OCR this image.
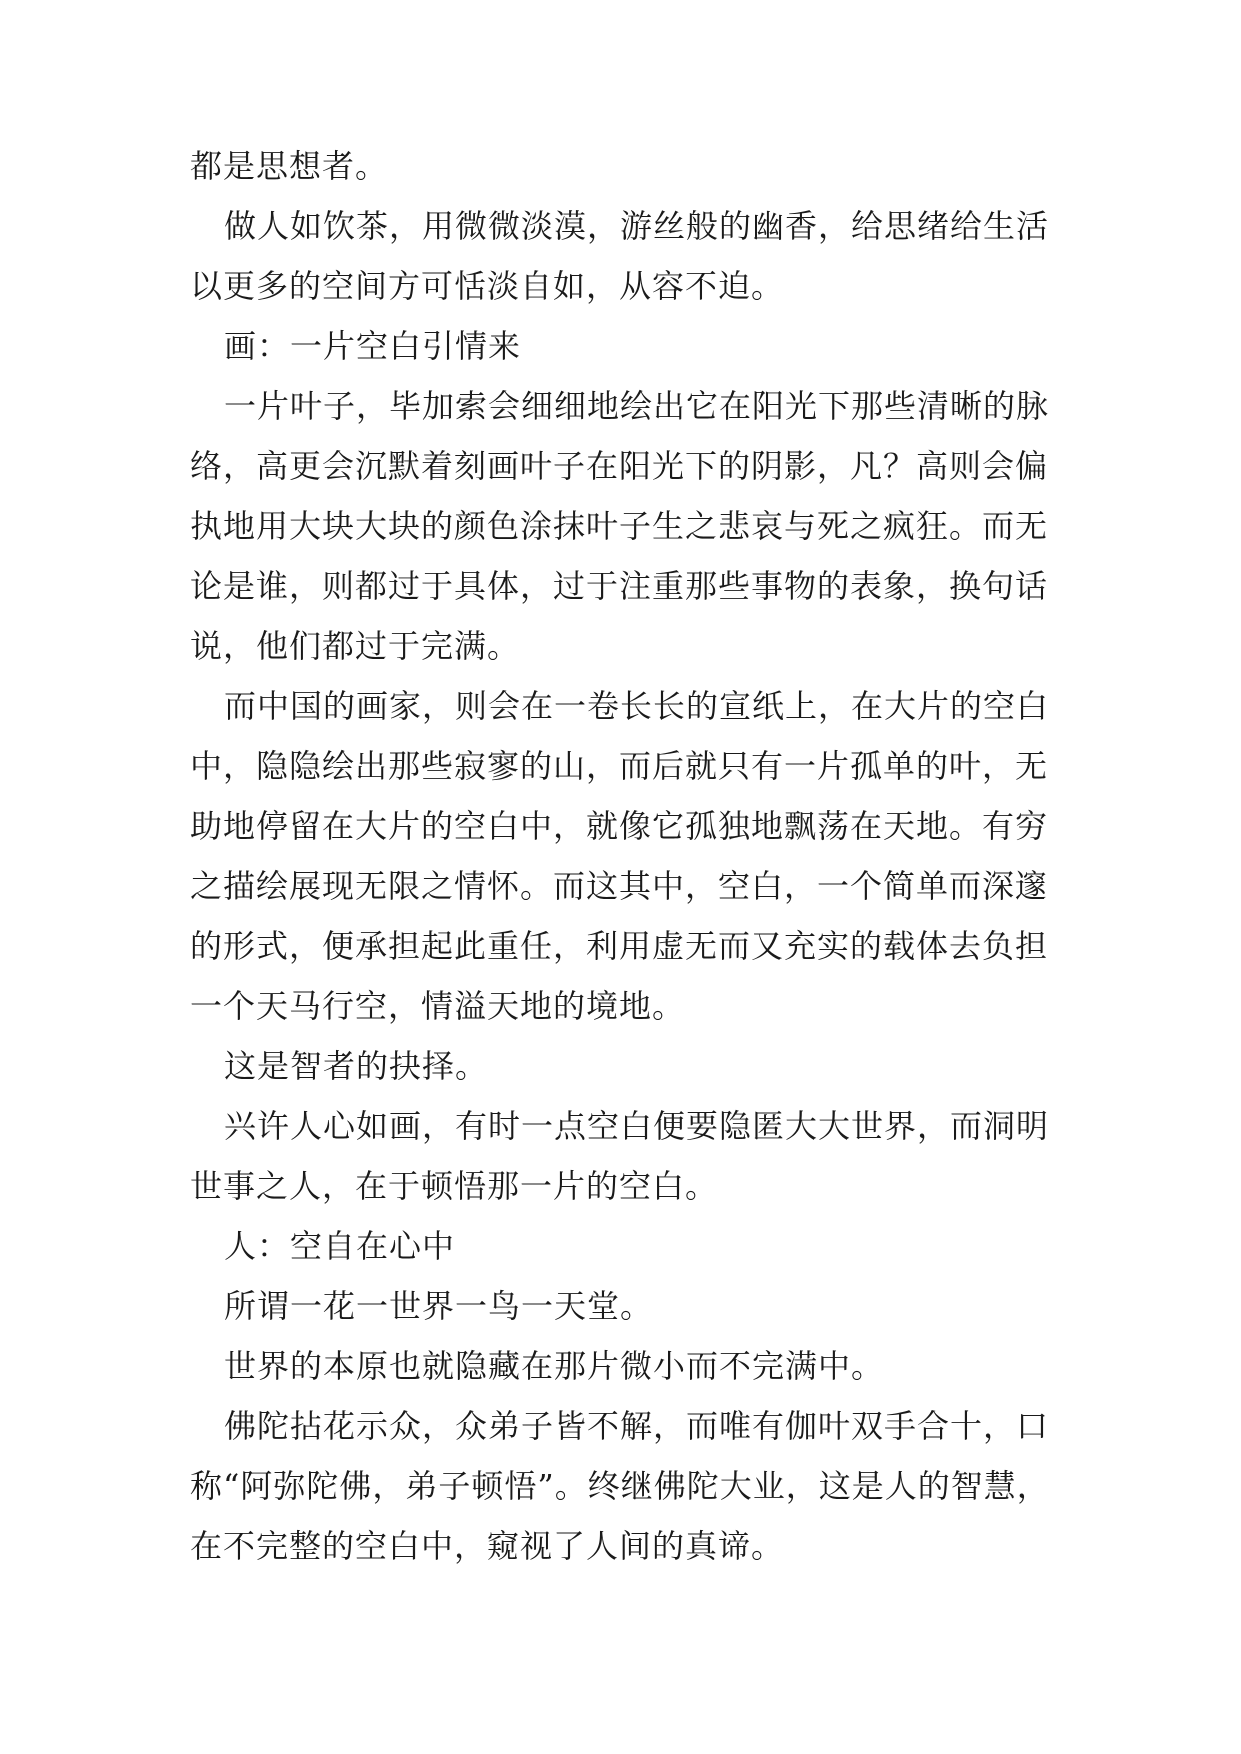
都是思想者。

做人如饮茶，用微微淡漠，游丝般的幽香，给思绪给生活

以更多的空间方可恬淡自如，从容不迫。

画：一片空白引情来

一片叶子，毕加索会细细地绘出它在阳光下那些清晰的脉

络，高更会沉默着刻画叶子在阳光下的阴影，凡？高则会偏

执地用大块大块的颜色涂抹叶子生之悲哀与死之疯狂。而无

论是谁，则都过于具体，过于注重那些事物的表象，换句话

说，他们都过于完满。

而中国的画家，则会在一卷长长的宣纸上，在大片的空白

中，隐隐绘出那些寂寥的山，而后就只有一片孤单的叶，无

助地停留在大片的空白中，就像它孤独地飘荡在天地。有穷

之描绘展现无限之情怀。而这其中，空白，一个简单而深邃

的形式，便承担起此重任，利用虚无而又充实的载体去负担

一个天马行空，情溢天地的境地。

这是智者的抉择。

兴许人心如画，有时一点空白便要隐匿大大世界，而洞明

世事之人，在于顿悟那一片的空白。

人：空自在心中

所谓一花一世界一鸟一天堂。

世界的本原也就隐藏在那片微小而不完满中。

佛陀拈花示众，众弟子皆不解，而唯有伽叶双手合十，口

称“阿弥陀佛，弟子顿悟”。终继佛陀大业，这是人的智慧，

在不完整的空白中，窥视了人间的真谛。
